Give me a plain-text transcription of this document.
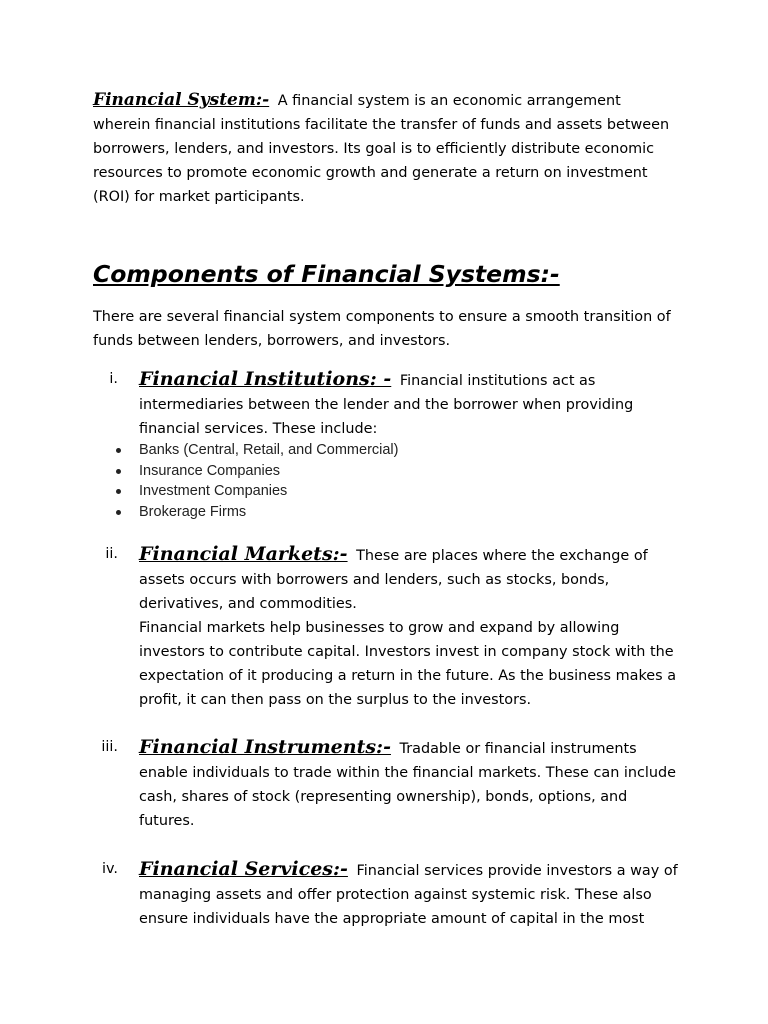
Financial System:- A financial system is an economic arrangement wherein financial institutions facilitate the transfer of funds and assets between borrowers, lenders, and investors. Its goal is to efficiently distribute economic resources to promote economic growth and generate a return on investment (ROI) for market participants.
Components of Financial Systems:-
There are several financial system components to ensure a smooth transition of funds between lenders, borrowers, and investors.
i. Financial Institutions: - Financial institutions act as intermediaries between the lender and the borrower when providing financial services. These include:
Banks (Central, Retail, and Commercial)
Insurance Companies
Investment Companies
Brokerage Firms
ii. Financial Markets:- These are places where the exchange of assets occurs with borrowers and lenders, such as stocks, bonds, derivatives, and commodities.
Financial markets help businesses to grow and expand by allowing investors to contribute capital. Investors invest in company stock with the expectation of it producing a return in the future. As the business makes a profit, it can then pass on the surplus to the investors.
iii. Financial Instruments:- Tradable or financial instruments enable individuals to trade within the financial markets. These can include cash, shares of stock (representing ownership), bonds, options, and futures.
iv. Financial Services:- Financial services provide investors a way of managing assets and offer protection against systemic risk. These also ensure individuals have the appropriate amount of capital in the most
